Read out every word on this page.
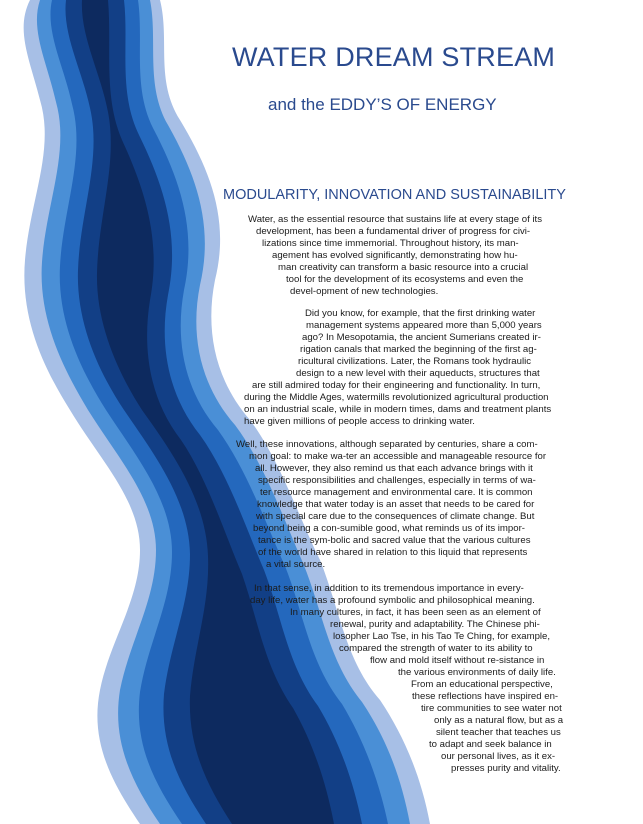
WATER DREAM STREAM
and the EDDY’S OF ENERGY
MODULARITY, INNOVATION AND SUSTAINABILITY
Water, as the essential resource that sustains life at every stage of its
development, has been a fundamental driver of progress for civi-
lizations since time immemorial. Throughout history, its man-
agement has evolved significantly, demonstrating how hu-
man creativity can transform a basic resource into a crucial
tool for the development of its ecosystems and even the
devel-opment of new technologies.
Did you know, for example, that the first drinking water
management systems appeared more than 5,000 years
ago? In Mesopotamia, the ancient Sumerians created ir-
rigation canals that marked the beginning of the first ag-
ricultural civilizations. Later, the Romans took hydraulic
design to a new level with their aqueducts, structures that
are still admired today for their engineering and functionality. In turn,
during the Middle Ages, watermills revolutionized agricultural production
on an industrial scale, while in modern times, dams and treatment plants
have given millions of people access to drinking water.
Well, these innovations, although separated by centuries, share a com-
mon goal: to make wa-ter an accessible and manageable resource for
all. However, they also remind us that each advance brings with it
specific responsibilities and challenges, especially in terms of wa-
ter resource management and environmental care. It is common
knowledge that water today is an asset that needs to be cared for
with special care due to the consequences of climate change. But
beyond being a con-sumible good, what reminds us of its impor-
tance is the sym-bolic and sacred value that the various cultures
of the world have shared in relation to this liquid that represents
a vital source.
In that sense, in addition to its tremendous importance in every-
day life, water has a profound symbolic and philosophical meaning.
In many cultures, in fact, it has been seen as an element of
renewal, purity and adaptability. The Chinese phi-
losopher Lao Tse, in his Tao Te Ching, for example,
compared the strength of water to its ability to
flow and mold itself without re-sistance in
the various environments of daily life.
From an educational perspective,
these reflections have inspired en-
tire communities to see water not
only as a natural flow, but as a
silent teacher that teaches us
to adapt and seek balance in
our personal lives, as it ex-
presses purity and vitality.
